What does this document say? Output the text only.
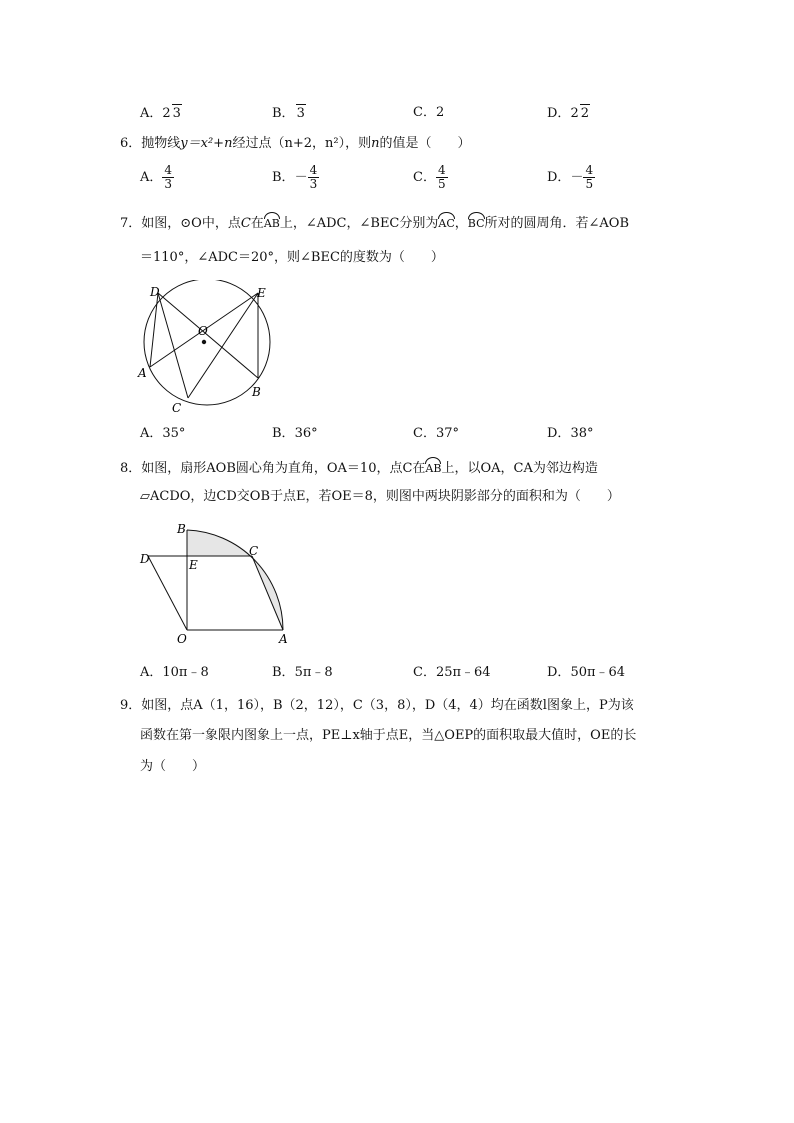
A．2 3	B． 3	C．2	D．2 2
6．抛物线y＝x²+n经过点（n+2，n²），则n的值是（　　）
A． $\frac{4}{3}$	B．－ $\frac{4}{3}$	C． $\frac{4}{5}$	D．－ $\frac{4}{5}$
7．如图，⊙O中，点C在AB上，∠ADC，∠BEC分别为AC，BC所对的圆周角．若∠AOB
＝110°，∠ADC＝20°，则∠BEC的度数为（　　）
D	E
O
A
B
C
A．35°	B．36°	C．37°	D．38°
8．如图，扇形AOB圆心角为直角，OA＝10，点C在AB上，以OA，CA为邻边构造
▱ACDO，边CD交OB于点E，若OE＝8，则图中两块阴影部分的面积和为（　　）
B
C
D	E
O	A
A．10π﹣8	B．5π﹣8	C．25π﹣64	D．50π﹣64
9．如图，点A（1，16），B（2，12），C（3，8），D（4，4）均在函数l图象上，P为该
函数在第一象限内图象上一点，PE⊥x轴于点E，当△OEP的面积取最大值时，OE的长
为（　　）
